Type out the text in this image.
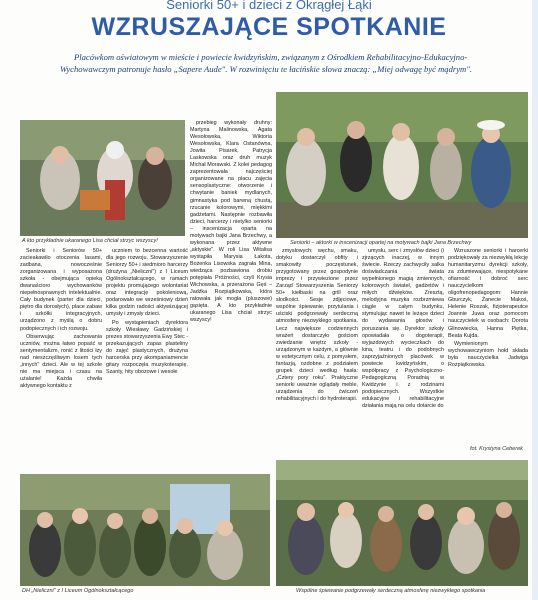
Seniorki 50+ i dzieci z Okrągłej Łąki
WZRUSZAJĄCE SPOTKANIE
Placówkom oświatowym w mieście i powiecie kwidzyńskim, związanym z Ośrodkiem Rehabilitacyjno-Edukacyjno-Wychowawczym patronuje hasło „Sapere Aude". W rozwinięciu te łacińskie słowa znaczą: „Miej odwagę być mądrym".
A kto przykładnie ukaranego Lisa chciał strzyc wszyscy!

przebieg wykonały druhny: Martyna Malinowska, Agata Wesołowska, Wiktoria Wesołowska, Klara Ostanówna, Jowita Pisarek, Patrycja Laskowska oraz druh muzyk Michał Morawski. Z kolei pedagog zaprezentowała najczęściej organizowane na placu zajęcia sensoplastyczne: otworzenie i chwytanie baniek mydlanych, gimnastyka pod barwną chustą, rzucanie kolorowymi, miękkimi gadżetami. Następnie rozbawiła dzieci, harcerzy i nietylko seniorki – inscenizacja oparta na motywach bajki Jana Brzechwy, a wykonana przez aktywne „aktyskie". W roli Lisa Witalisa wystąpiła Marysia Łakota, Bożenka Lisowska zagrała Mina, wiedząca pozbawiona drobiu potępiała Próżności, czyli Krysia Wichowska, a przerażona Gęś – Jadźka Rozpiątkowska, która ratowała jak mogła (pluszowe) gąsięta. A kto przykładnie ukaranego Lisa chciał strzyc wszyscy!

Seniorki – aktorki w inscenizacji opartej na motywach bajki Jana Brzechwy

Seniorki i Seniorów 50+ zacieakawiło otoczenia lasami, zadbana, nowocześnie zorganizowana i wyposażona szkoła - obejmująca opieką dwanaścioro wychowanków niepełnosprawnych intelektualnie. Cały budynek (parter dla dzieci, piętro dla dorosłych), place zabaw i szkółki integracyjnych, urządzono z myślą o dobru podopiecznych i ich rozwoju.

Obserwując zachowania uczniów, można łatwo popaść w sentymentalizm, ronić z litości łzy nad nieszczęśliwym losem tych „innych" dzieci. Ale w tej szkole nie ma miejsca i czasu na użalanie! Każda chwila aktywnego kontaktu z

uczniem to bezcenna wartość dla jego rozwoju. Stowarzyszenie Seniorzy 50+ i siedmioro harcerzy (drużyna „Nieliczni") z I Liceum Ogólnokształcącego, w ramach projektu promującego wolontariat oraz integrację pokoleniową, podarowało we wrześniowy dzień kilka godzin radości aktywizującej umysły i zmysły dzieci.

Po wystąpieniach dyrektora szkoły Wiesławy Gadzińskiej i prezes stowarzyszenia Ewy Stec - przekazujących zapas plasteliny do zajęć plastycznych, drużyna harcerska przy akompaniamencie gitary rozpoczęła muzykoterapię. Szanty, hity obozowe i wesołe

zmysłowych: węchu, smaku, dotyku dostarczył obfity i smakowity poczęstunek, przygotowany przez gospodynie imprezy i przywiezione przez Zarząd Stowarzyszenia Seniorzy 50+ kiełbaski na grill oraz słodkości. Sesje zdjęciowe, wspólne śpiewanie, przytulania i uściski podgrzewały serdeczną atmosferę niezwykłego spotkania. Lecz największe codziennych wrażeń dostarczyło gościom zwiedzanie wnętrz szkoły - urządzonym w każdym, a głównie w estetycznym celu, z pomysłem, fantazją, ozdobne z podziałem grupek dzieci według hasła: „Cztery pory roku". Praktyczne seniorki uważnie oglądały meble, urządzenia do ćwiczeń rehabilitacyjnych i do hydroterapii.

umysłu, serc i zmysłów dzieci (i zjrzących inaczej, w innym świecie. Rzeczy zachwyciły salka doświadczania świata wypełnionego magią zmiennych, kolorowych świateł, gadżetów i miłych dźwięków. Zresztą, melodyjna muzyka rozbrzmiewa ciągle w całym budynku, stymulując nawet te leżące dzieci do wydawania głosów i poruszania się. Dyrektor szkoły opowiadała o dogoterapii, wyjazdowych wycieczkach do kina, teatru i do podobnych zaprzyjaźnionych placówek w powiecie kwidzyńskim, o współpracy z Psychologiczno-Pedagogiczną Poradnią w Kwidzynie i z rodzinami podopiecznych. Wszystkie edukacyjne i rehabilitacyjne działania mają na celu dotarcie do

Wzruszone seniorki i harcerki podziękowały za niezwykłą lekcję humanitaryzmu dyrekcji szkoły, za zdumiewające, niespotykane ofiarność i dobroć serc nauczycielkom oligofrenopedagogom: Hannie Gburczyk, Żanecie Makoś, Helenie Roszak, fizjoterapeutce Joannie Juwa oraz pomocom nauczycielek w osobach: Dorota Glinowiecka, Hanna Piętka, Beata Kujda.

Wymienionym wychowawczyniom hołd składa była nauczycielka Jadwiga Rozpiątkowska.

fot. Krystyna Ceberek
DH „Nieliczni" z I Liceum Ogólnokształcącego	Wspólne śpiewanie podgrzewały serdeczną atmosferę niezwykłego spotkania
